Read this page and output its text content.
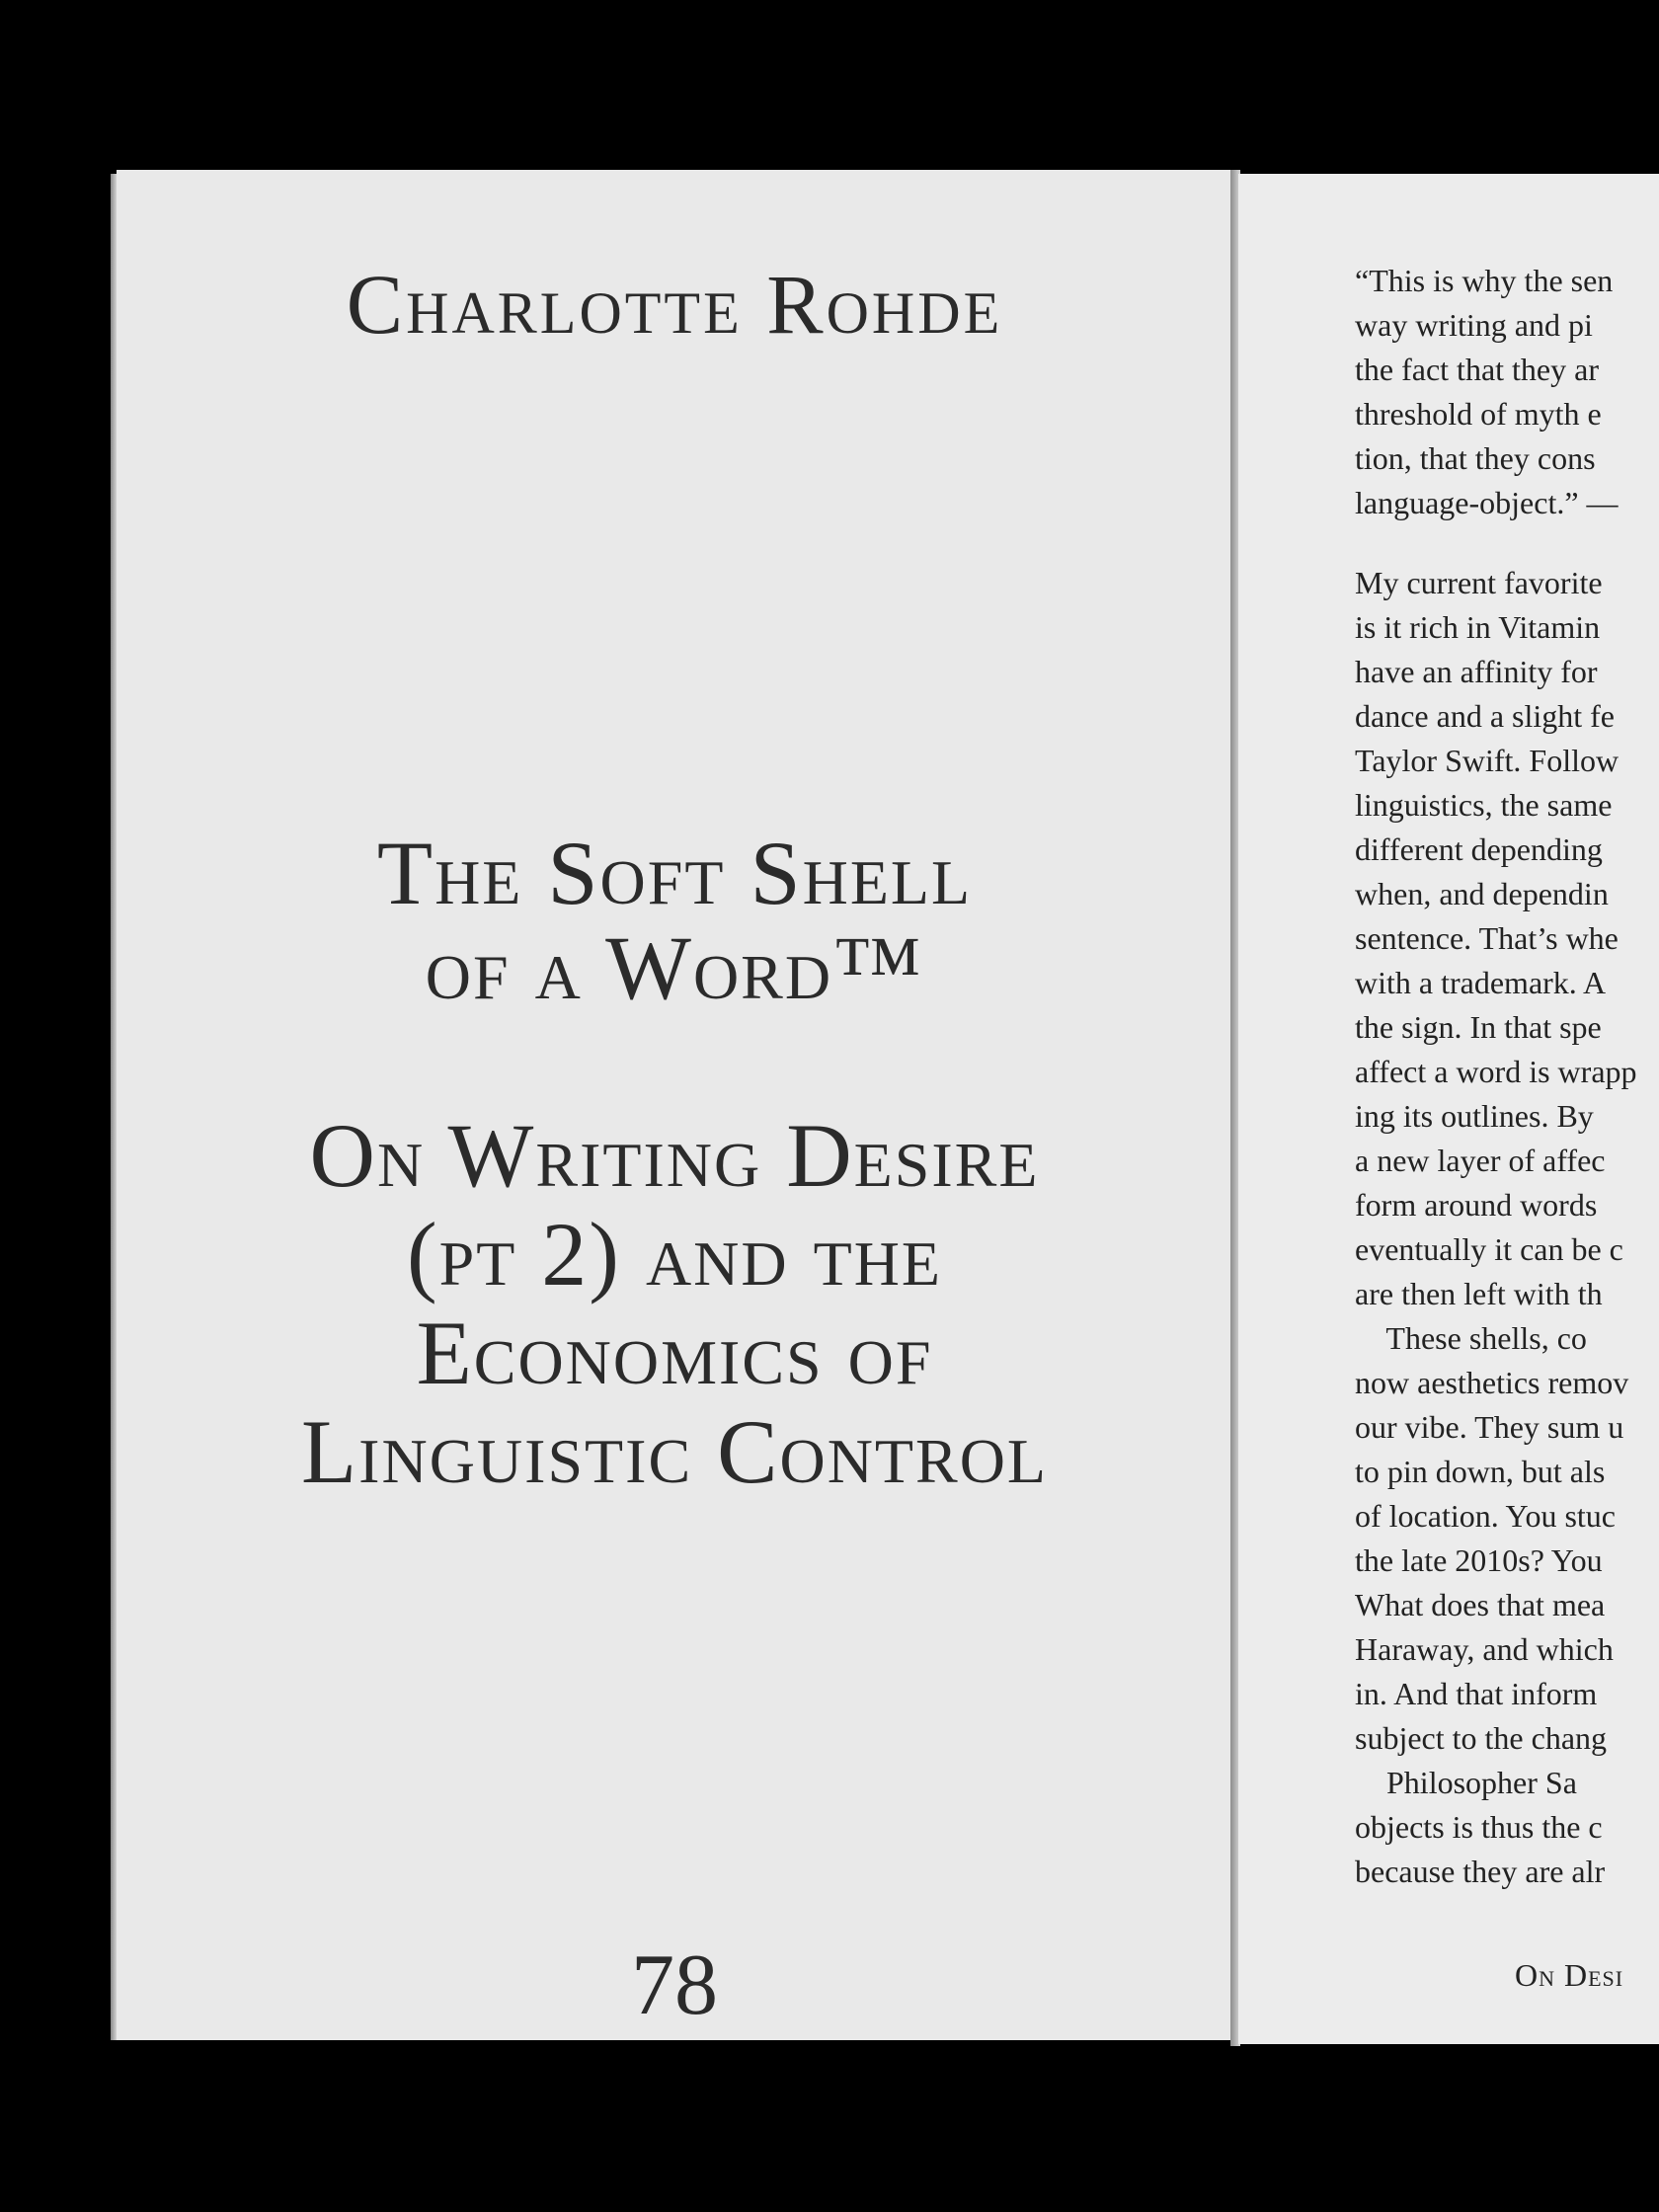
Charlotte Rohde
The Soft Shell
of a Word™
On Writing Desire
(pt 2) and the
Economics of
Linguistic Control
78
“This is why the sen
way writing and pi
the fact that they ar
threshold of myth e
tion, that they cons
language-object.” —
My current favorite
is it rich in Vitamin
have an affinity for
dance and a slight fe
Taylor Swift. Follow
linguistics, the same
different depending
when, and dependin
sentence. That’s whe
with a trademark. A
the sign. In that spe
affect a word is wrapp
ing its outlines. By
a new layer of affec
form around words
eventually it can be c
are then left with th
These shells, co
now aesthetics remov
our vibe. They sum u
to pin down, but als
of location. You stuc
the late 2010s? You
What does that mea
Haraway, and which
in. And that inform
subject to the chang
Philosopher Sa
objects is thus the c
because they are alr
On Desi
